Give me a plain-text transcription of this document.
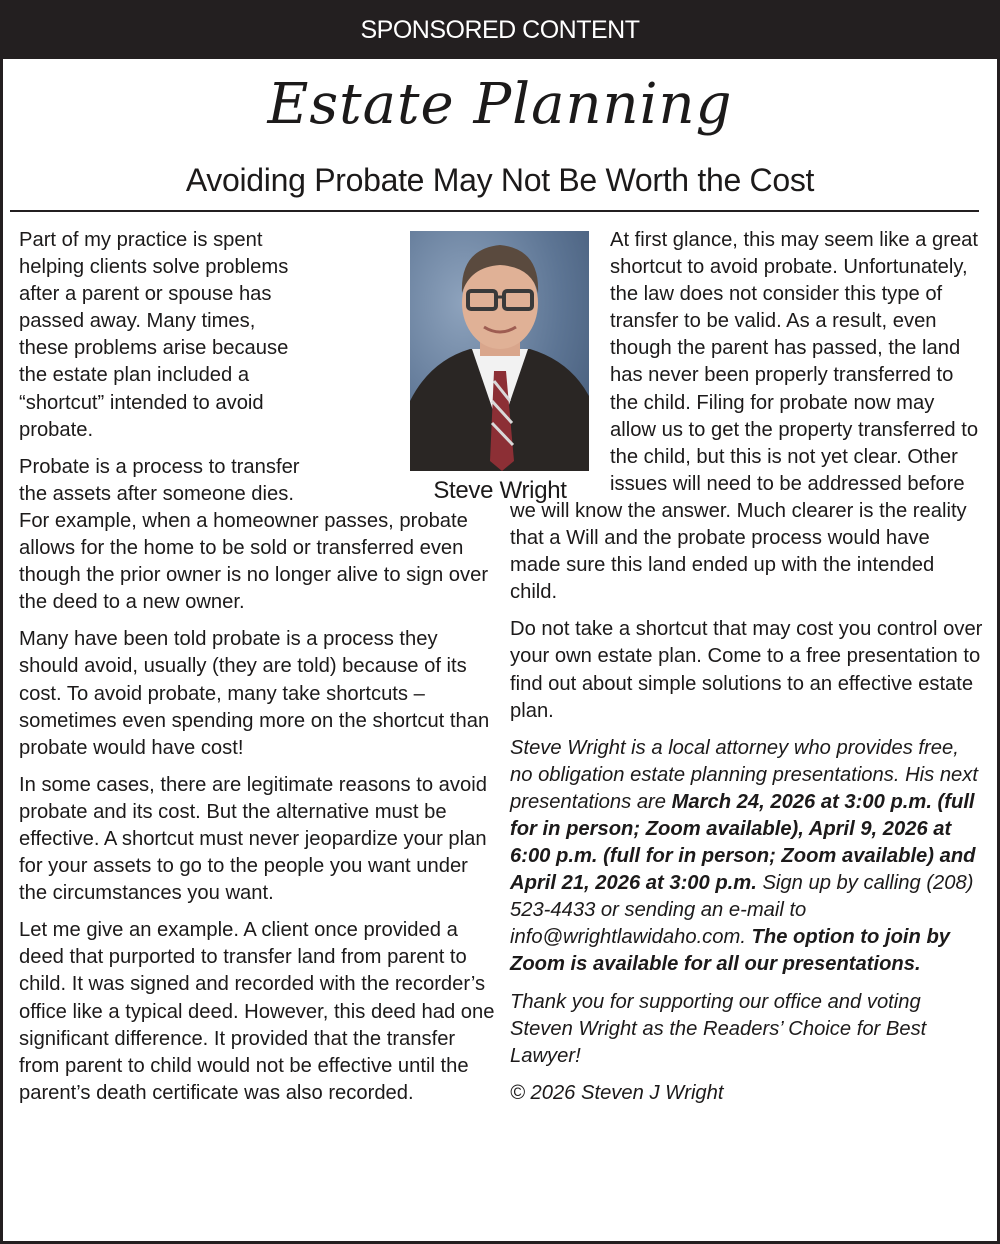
SPONSORED CONTENT
Estate Planning
Avoiding Probate May Not Be Worth the Cost
Steve Wright

Part of my practice is spent helping clients solve problems after a parent or spouse has passed away. Many times, these problems arise because the estate plan included a “shortcut” intended to avoid probate.

Probate is a process to transfer the assets after someone dies. For example, when a homeowner passes, probate allows for the home to be sold or transferred even though the prior owner is no longer alive to sign over the deed to a new owner.

Many have been told probate is a process they should avoid, usually (they are told) because of its cost. To avoid probate, many take shortcuts – sometimes even spending more on the shortcut than probate would have cost!

In some cases, there are legitimate reasons to avoid probate and its cost. But the alternative must be effective. A shortcut must never jeopardize your plan for your assets to go to the people you want under the circumstances you want.

Let me give an example. A client once provided a deed that purported to transfer land from parent to child. It was signed and recorded with the recorder’s office like a typical deed. However, this deed had one significant difference. It provided that the transfer from parent to child would not be effective until the parent’s death certificate was also recorded.

At first glance, this may seem like a great shortcut to avoid probate. Unfortunately, the law does not consider this type of transfer to be valid. As a result, even though the parent has passed, the land has never been properly transferred to the child. Filing for probate now may allow us to get the property transferred to the child, but this is not yet clear. Other issues will need to be addressed before we will know the answer. Much clearer is the reality that a Will and the probate process would have made sure this land ended up with the intended child.

Do not take a shortcut that may cost you control over your own estate plan. Come to a free presentation to find out about simple solutions to an effective estate plan.

Steve Wright is a local attorney who provides free, no obligation estate planning presentations. His next presentations are March 24, 2026 at 3:00 p.m. (full for in person; Zoom available), April 9, 2026 at 6:00 p.m. (full for in person; Zoom available) and April 21, 2026 at 3:00 p.m. Sign up by calling (208) 523-4433 or sending an e-mail to info@wrightlawidaho.com. The option to join by Zoom is available for all our presentations.

Thank you for supporting our office and voting Steven Wright as the Readers’ Choice for Best Lawyer!

© 2026 Steven J Wright
